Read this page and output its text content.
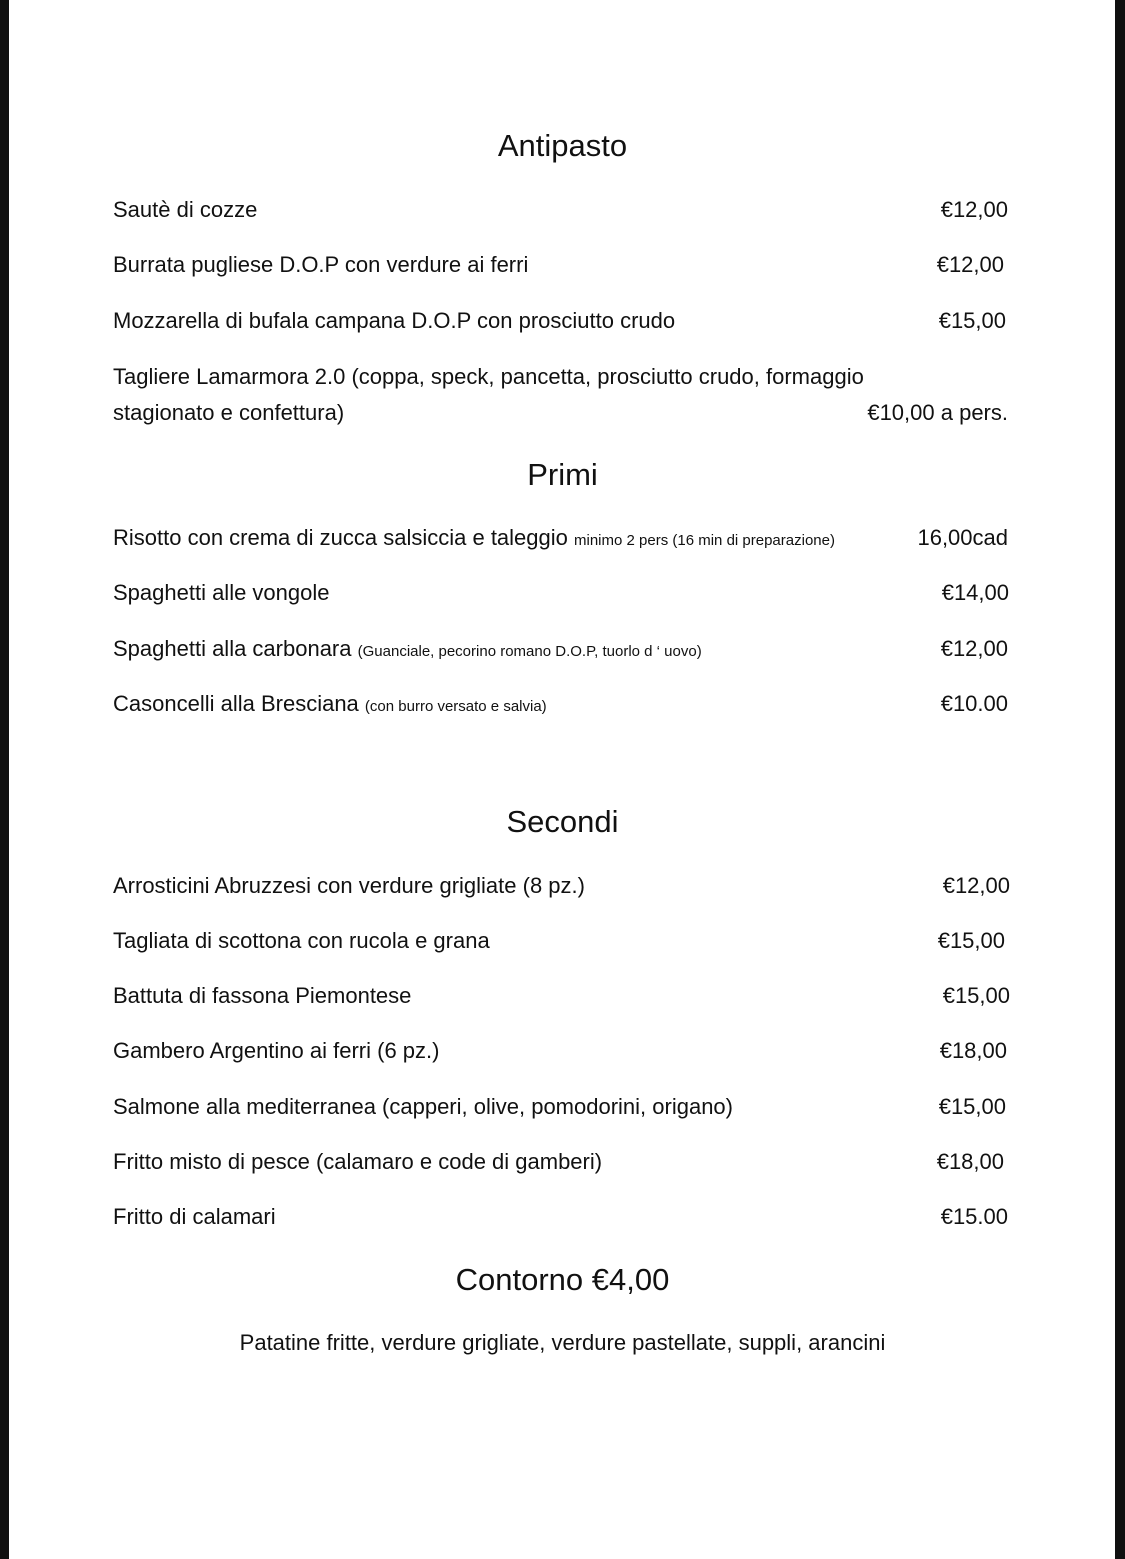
Antipasto
Sautè di cozze	€12,00
Burrata pugliese D.O.P con verdure ai ferri	€12,00
Mozzarella di bufala campana D.O.P con prosciutto crudo	€15,00
Tagliere Lamarmora 2.0 (coppa, speck, pancetta, prosciutto crudo, formaggio
stagionato e confettura)	€10,00 a pers.
Primi
Risotto con crema di zucca salsiccia e taleggio minimo 2 pers (16 min di preparazione)	16,00cad
Spaghetti alle vongole	€14,00
Spaghetti alla carbonara (Guanciale, pecorino romano D.O.P, tuorlo d ‘ uovo)	€12,00
Casoncelli alla Bresciana (con burro versato e salvia)	€10.00
Secondi
Arrosticini Abruzzesi con verdure grigliate (8 pz.)	€12,00
Tagliata di scottona con rucola e grana	€15,00
Battuta di fassona Piemontese	€15,00
Gambero Argentino ai ferri (6 pz.)	€18,00
Salmone alla mediterranea (capperi, olive, pomodorini, origano)	€15,00
Fritto misto di pesce (calamaro e code di gamberi)	€18,00
Fritto di calamari	€15.00
Contorno €4,00
Patatine fritte, verdure grigliate, verdure pastellate, suppli, arancini
